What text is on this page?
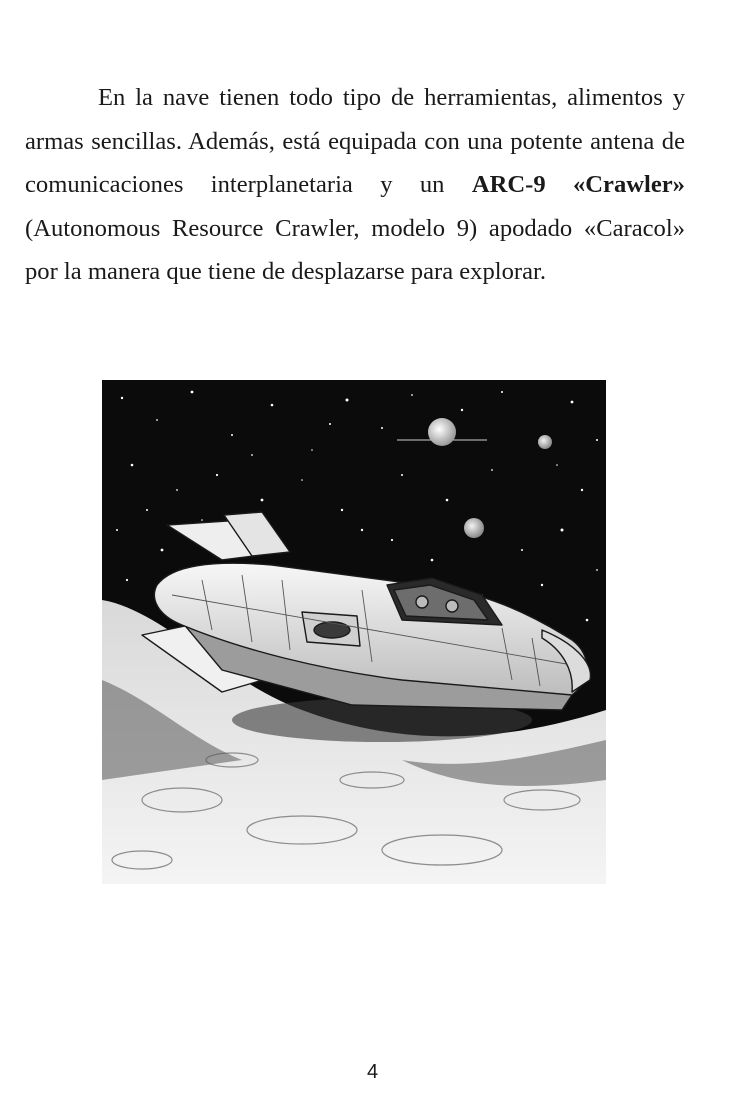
En la nave tienen todo tipo de herramientas, alimentos y armas sencillas. Además, está equipada con una potente antena de comunicaciones interplanetaria y un ARC-9 «Crawler» (Autonomous Resource Crawler, modelo 9) apodado «Caracol» por la manera que tiene de desplazarse para explorar.

4
